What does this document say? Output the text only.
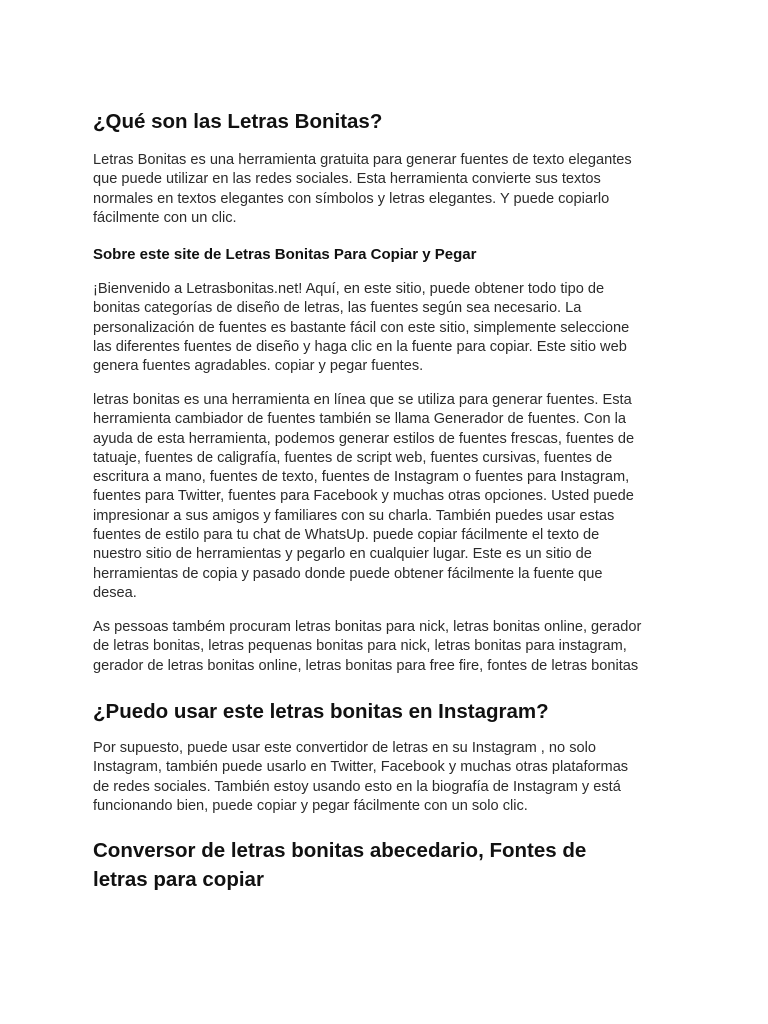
¿Qué son las Letras Bonitas?

Letras Bonitas es una herramienta gratuita para generar fuentes de texto elegantes
que puede utilizar en las redes sociales. Esta herramienta convierte sus textos
normales en textos elegantes con símbolos y letras elegantes. Y puede copiarlo
fácilmente con un clic.

Sobre este site de Letras Bonitas Para Copiar y Pegar

¡Bienvenido a Letrasbonitas.net! Aquí, en este sitio, puede obtener todo tipo de
bonitas categorías de diseño de letras, las fuentes según sea necesario. La
personalización de fuentes es bastante fácil con este sitio, simplemente seleccione
las diferentes fuentes de diseño y haga clic en la fuente para copiar. Este sitio web
genera fuentes agradables. copiar y pegar fuentes.

letras bonitas es una herramienta en línea que se utiliza para generar fuentes. Esta
herramienta cambiador de fuentes también se llama Generador de fuentes. Con la
ayuda de esta herramienta, podemos generar estilos de fuentes frescas, fuentes de
tatuaje, fuentes de caligrafía, fuentes de script web, fuentes cursivas, fuentes de
escritura a mano, fuentes de texto, fuentes de Instagram o fuentes para Instagram,
fuentes para Twitter, fuentes para Facebook y muchas otras opciones. Usted puede
impresionar a sus amigos y familiares con su charla. También puedes usar estas
fuentes de estilo para tu chat de WhatsUp. puede copiar fácilmente el texto de
nuestro sitio de herramientas y pegarlo en cualquier lugar. Este es un sitio de
herramientas de copia y pasado donde puede obtener fácilmente la fuente que
desea.

As pessoas também procuram letras bonitas para nick, letras bonitas online, gerador
de letras bonitas, letras pequenas bonitas para nick, letras bonitas para instagram,
gerador de letras bonitas online, letras bonitas para free fire, fontes de letras bonitas

¿Puedo usar este letras bonitas en Instagram?

Por supuesto, puede usar este convertidor de letras en su Instagram , no solo
Instagram, también puede usarlo en Twitter, Facebook y muchas otras plataformas
de redes sociales. También estoy usando esto en la biografía de Instagram y está
funcionando bien, puede copiar y pegar fácilmente con un solo clic.

Conversor de letras bonitas abecedario, Fontes de
letras para copiar
